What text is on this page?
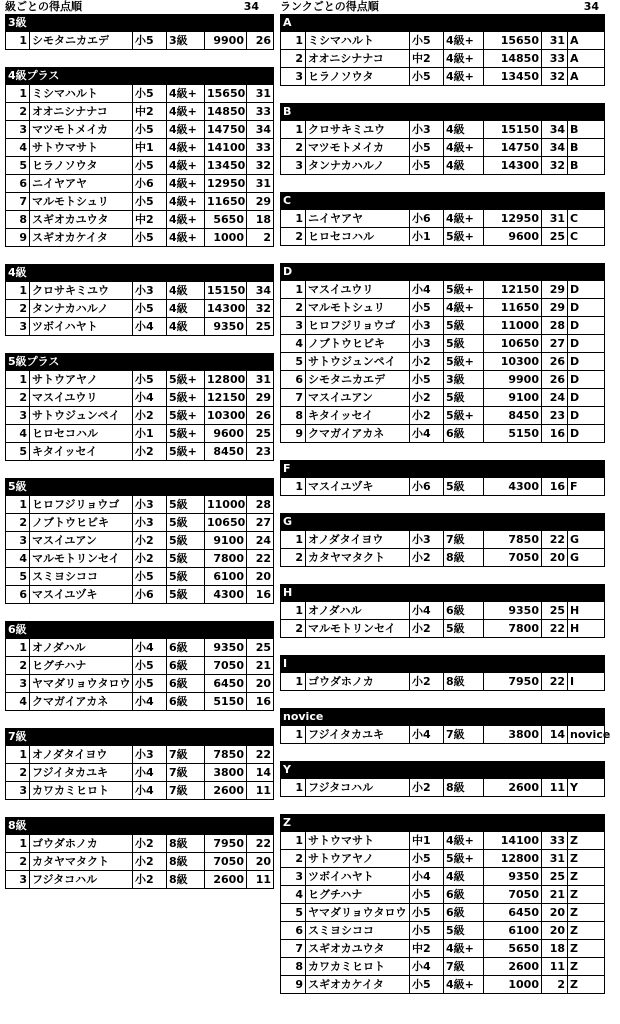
級ごとの得点順	34
3級
1	シモタニカエデ	小5	3級	9900	26
4級プラス					
1	ミシマハルト	小5	4級+	15650	31
2	オオニシナナコ	中2	4級+	14850	33
3	マツモトメイカ	小5	4級+	14750	34
4	サトウマサト	中1	4級+	14100	33
5	ヒラノソウタ	小5	4級+	13450	32
6	ニイヤアヤ	小6	4級+	12950	31
7	マルモトシュリ	小5	4級+	11650	29
8	スギオカユウタ	中2	4級+	5650	18
9	スギオカケイタ	小5	4級+	1000	2
4級					
1	クロサキミユウ	小3	4級	15150	34
2	タンナカハルノ	小5	4級	14300	32
3	ツボイハヤト	小4	4級	9350	25
5級プラス					
1	サトウアヤノ	小5	5級+	12800	31
2	マスイユウリ	小4	5級+	12150	29
3	サトウジュンペイ	小2	5級+	10300	26
4	ヒロセコハル	小1	5級+	9600	25
5	キタイッセイ	小2	5級+	8450	23
5級					
1	ヒロフジリョウゴ	小3	5級	11000	28
2	ノブトウヒビキ	小3	5級	10650	27
3	マスイユアン	小2	5級	9100	24
4	マルモトリンセイ	小2	5級	7800	22
5	スミヨシココ	小5	5級	6100	20
6	マスイユヅキ	小6	5級	4300	16
6級					
1	オノダハル	小4	6級	9350	25
2	ヒグチハナ	小5	6級	7050	21
3	ヤマダリョウタロウ	小5	6級	6450	20
4	クマガイアカネ	小4	6級	5150	16
7級					
1	オノダタイヨウ	小3	7級	7850	22
2	フジイタカユキ	小4	7級	3800	14
3	カワカミヒロト	小4	7級	2600	11
8級					
1	ゴウダホノカ	小2	8級	7950	22
2	カタヤマタクト	小2	8級	7050	20
3	フジタコハル	小2	8級	2600	11
ランクごとの得点順	34
A						
1	ミシマハルト	小5	4級+	15650	31	A
2	オオニシナナコ	中2	4級+	14850	33	A
3	ヒラノソウタ	小5	4級+	13450	32	A
B						
1	クロサキミユウ	小3	4級	15150	34	B
2	マツモトメイカ	小5	4級+	14750	34	B
3	タンナカハルノ	小5	4級	14300	32	B
C						
1	ニイヤアヤ	小6	4級+	12950	31	C
2	ヒロセコハル	小1	5級+	9600	25	C
D						
1	マスイユウリ	小4	5級+	12150	29	D
2	マルモトシュリ	小5	4級+	11650	29	D
3	ヒロフジリョウゴ	小3	5級	11000	28	D
4	ノブトウヒビキ	小3	5級	10650	27	D
5	サトウジュンペイ	小2	5級+	10300	26	D
6	シモタニカエデ	小5	3級	9900	26	D
7	マスイユアン	小2	5級	9100	24	D
8	キタイッセイ	小2	5級+	8450	23	D
9	クマガイアカネ	小4	6級	5150	16	D
F
1	マスイユヅキ	小6	5級	4300	16	F
G						
1	オノダタイヨウ	小3	7級	7850	22	G
2	カタヤマタクト	小2	8級	7050	20	G
H						
1	オノダハル	小4	6級	9350	25	H
2	マルモトリンセイ	小2	5級	7800	22	H
I
1	ゴウダホノカ	小2	8級	7950	22	I
novice
1	フジイタカユキ	小4	7級	3800	14	novice
Y
1	フジタコハル	小2	8級	2600	11	Y
Z						
1	サトウマサト	中1	4級+	14100	33	Z
2	サトウアヤノ	小5	5級+	12800	31	Z
3	ツボイハヤト	小4	4級	9350	25	Z
4	ヒグチハナ	小5	6級	7050	21	Z
5	ヤマダリョウタロウ	小5	6級	6450	20	Z
6	スミヨシココ	小5	5級	6100	20	Z
7	スギオカユウタ	中2	4級+	5650	18	Z
8	カワカミヒロト	小4	7級	2600	11	Z
9	スギオカケイタ	小5	4級+	1000	2	Z
